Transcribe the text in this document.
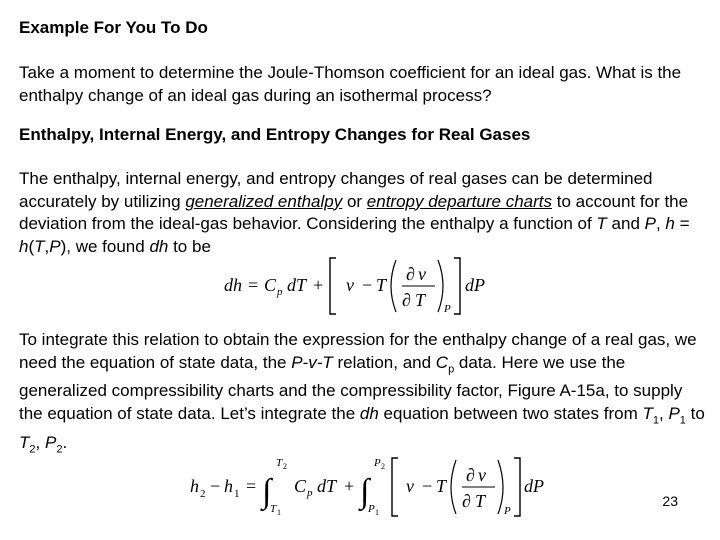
Example For You To Do
Take a moment to determine the Joule-Thomson coefficient for an ideal gas. What is the enthalpy change of an ideal gas during an isothermal process?
Enthalpy, Internal Energy, and Entropy Changes for Real Gases
The enthalpy, internal energy, and entropy changes of real gases can be determined accurately by utilizing generalized enthalpy or entropy departure charts to account for the deviation from the ideal-gas behavior. Considering the enthalpy a function of T and P, h = h(T,P), we found dh to be
dh = C p dT + v − T
∂ v
∂ T P
dP
To integrate this relation to obtain the expression for the enthalpy change of a real gas, we need the equation of state data, the P-v-T relation, and $C_p$ data. Here we use the generalized compressibility charts and the compressibility factor, Figure A-15a, to supply the equation of state data. Let’s integrate the dh equation between two states from $T_1$, $P_1$ to $T_2$, $P_2$.
h 2 − h 1 = ∫
T 2
T 1
C p dT + ∫
P 2
P 1
v − T
∂ v
∂ T P
dP
23
